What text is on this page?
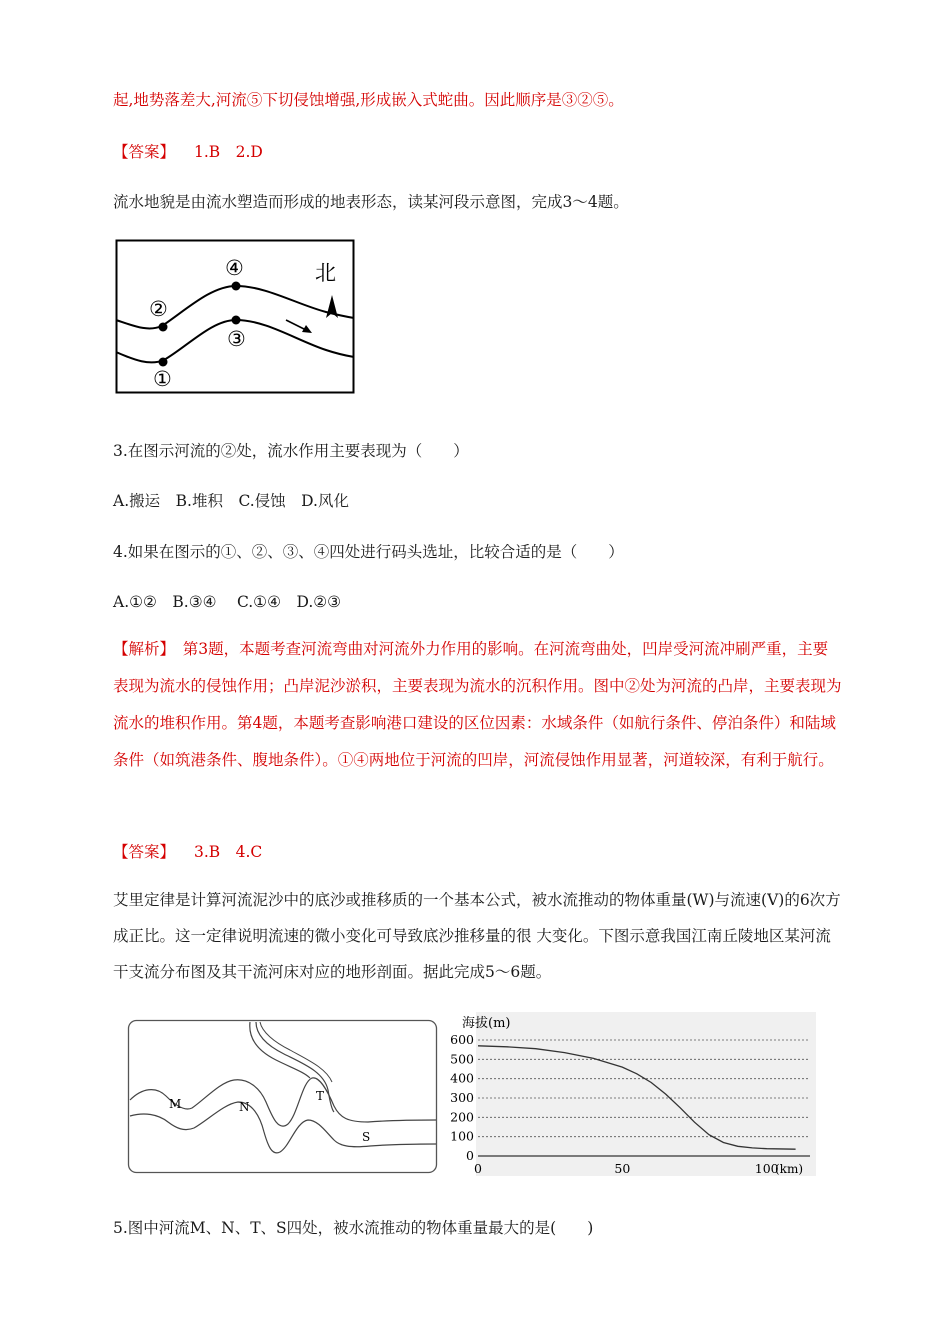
起,地势落差大,河流⑤下切侵蚀增强,形成嵌入式蛇曲。因此顺序是③②⑤。
【答案】 1.B　2.D
流水地貌是由流水塑造而形成的地表形态，读某河段示意图，完成3～4题。
②
④
③
①
北
3.在图示河流的②处，流水作用主要表现为（　　）
A.搬运　B.堆积　C.侵蚀　D.风化
4.如果在图示的①、②、③、④四处进行码头选址，比较合适的是（　　）
A.①②　B.③④　 C.①④　D.②③
【解析】　第3题，本题考查河流弯曲对河流外力作用的影响。在河流弯曲处，凹岸受河流冲刷严重，主要表现为流水的侵蚀作用；凸岸泥沙淤积，主要表现为流水的沉积作用。图中②处为河流的凸岸，主要表现为流水的堆积作用。第4题，本题考查影响港口建设的区位因素：水域条件（如航行条件、停泊条件）和陆域条件（如筑港条件、腹地条件）。①④两地位于河流的凹岸，河流侵蚀作用显著，河道较深，有利于航行。
【答案】 3.B　4.C
艾里定律是计算河流泥沙中的底沙或推移质的一个基本公式，被水流推动的物体重量(W)与流速(V)的6次方成正比。这一定律说明流速的微小变化可导致底沙推移量的很 大变化。下图示意我国江南丘陵地区某河流干支流分布图及其干流河床对应的地形剖面。据此完成5～6题。
M	N
T
S
海拔(m)
600
500
400
300
200
100
0
0	50	100
(km)
5.图中河流M、N、T、S四处，被水流推动的物体重量最大的是(　　)
